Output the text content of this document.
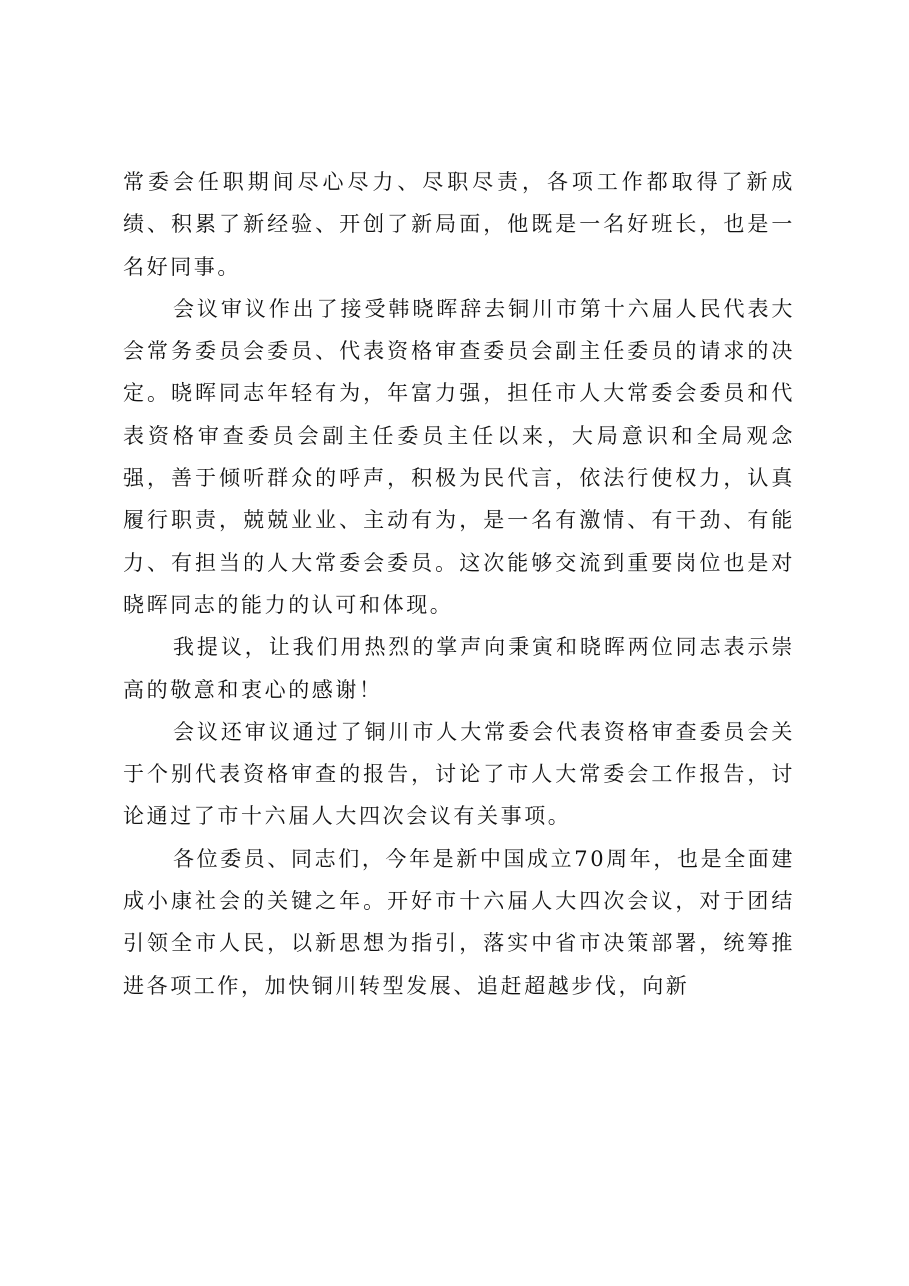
常委会任职期间尽心尽力、尽职尽责，各项工作都取得了新成绩、积累了新经验、开创了新局面，他既是一名好班长，也是一名好同事。

会议审议作出了接受韩晓晖辞去铜川市第十六届人民代表大会常务委员会委员、代表资格审查委员会副主任委员的请求的决定。晓晖同志年轻有为，年富力强，担任市人大常委会委员和代表资格审查委员会副主任委员主任以来，大局意识和全局观念强，善于倾听群众的呼声，积极为民代言，依法行使权力，认真履行职责，兢兢业业、主动有为，是一名有激情、有干劲、有能力、有担当的人大常委会委员。这次能够交流到重要岗位也是对晓晖同志的能力的认可和体现。

我提议，让我们用热烈的掌声向秉寅和晓晖两位同志表示崇高的敬意和衷心的感谢！

会议还审议通过了铜川市人大常委会代表资格审查委员会关于个别代表资格审查的报告，讨论了市人大常委会工作报告，讨论通过了市十六届人大四次会议有关事项。

各位委员、同志们，今年是新中国成立70周年，也是全面建成小康社会的关键之年。开好市十六届人大四次会议，对于团结引领全市人民，以新思想为指引，落实中省市决策部署，统筹推进各项工作，加快铜川转型发展、追赶超越步伐，向新
